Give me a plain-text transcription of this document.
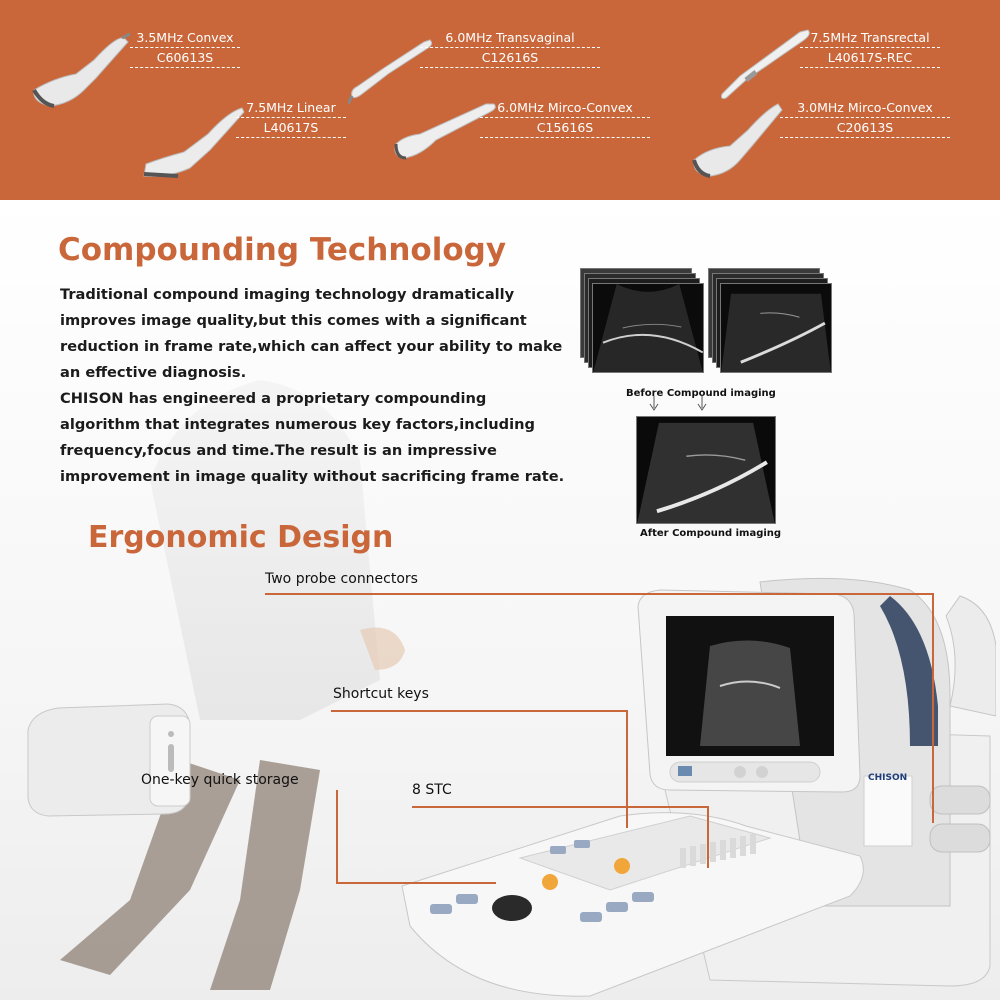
3.5MHz Convex
C60613S
6.0MHz Transvaginal
C12616S
7.5MHz Transrectal
L40617S-REC
7.5MHz Linear
L40617S
6.0MHz Mirco-Convex
C15616S
3.0MHz Mirco-Convex
C20613S
Compounding Technology

Traditional compound imaging technology dramatically

improves image quality,but this comes with a significant

reduction in frame rate,which can affect your ability to make

an effective diagnosis.

CHISON has engineered a proprietary compounding

algorithm that integrates numerous key factors,including

frequency,focus and time.The result is an impressive

improvement in image quality without sacrificing frame rate.

Before Compound imaging
After Compound imaging
Ergonomic Design
CHISON
Two probe connectors
Shortcut keys
One-key quick storage
8 STC
